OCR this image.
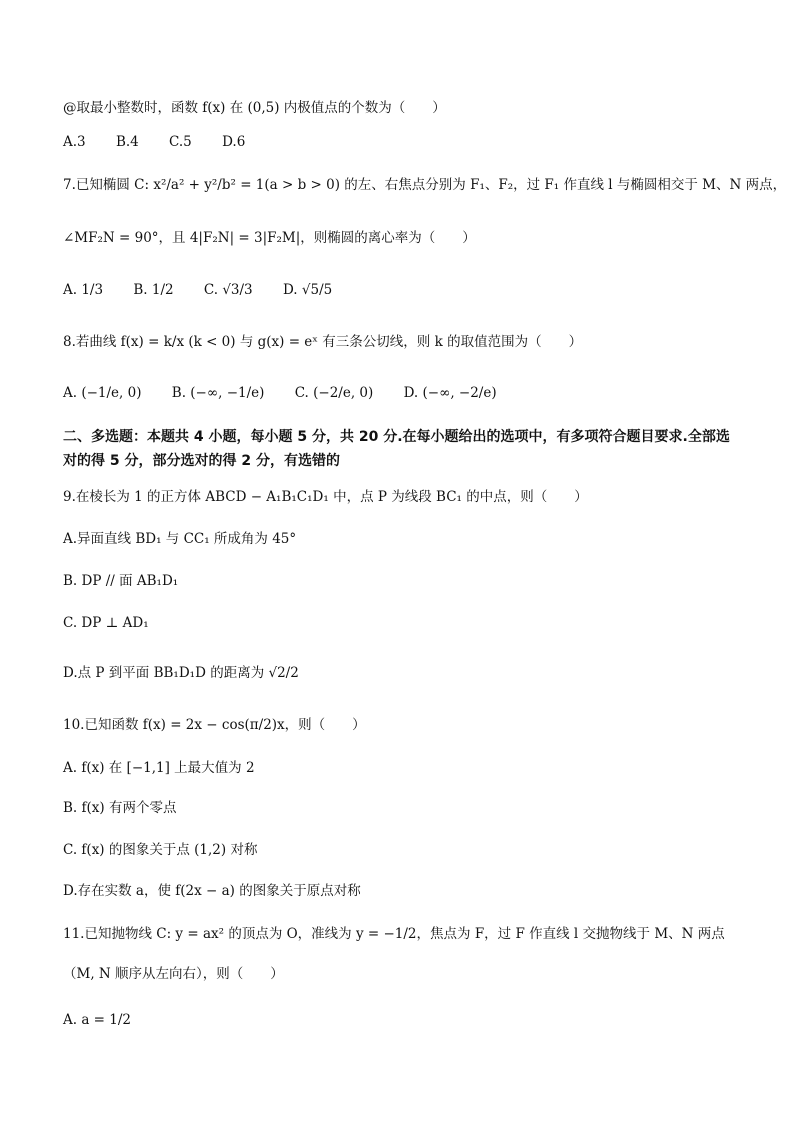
@取最小整数时，函数 f(x) 在 (0,5) 内极值点的个数为（　　）
A.3 B.4 C.5 D.6
7.已知椭圆 C: x²/a² + y²/b² = 1(a > b > 0) 的左、右焦点分别为 F₁、F₂，过 F₁ 作直线 l 与椭圆相交于 M、N 两点，
∠MF₂N = 90°，且 4|F₂N| = 3|F₂M|，则椭圆的离心率为（　　）
A. 1/3 B. 1/2 C. √3/3 D. √5/5
8.若曲线 f(x) = k/x (k < 0) 与 g(x) = eˣ 有三条公切线，则 k 的取值范围为（　　）
A. (−1/e, 0) B. (−∞, −1/e) C. (−2/e, 0) D. (−∞, −2/e)
二、多选题：本题共 4 小题，每小题 5 分，共 20 分.在每小题给出的选项中，有多项符合题目要求.全部选对的得 5 分，部分选对的得 2 分，有选错的
9.在棱长为 1 的正方体 ABCD − A₁B₁C₁D₁ 中，点 P 为线段 BC₁ 的中点，则（　　）
A.异面直线 BD₁ 与 CC₁ 所成角为 45°
B. DP // 面 AB₁D₁
C. DP ⊥ AD₁
D.点 P 到平面 BB₁D₁D 的距离为 √2/2
10.已知函数 f(x) = 2x − cos(π/2)x，则（　　）
A. f(x) 在 [−1,1] 上最大值为 2
B. f(x) 有两个零点
C. f(x) 的图象关于点 (1,2) 对称
D.存在实数 a，使 f(2x − a) 的图象关于原点对称
11.已知抛物线 C: y = ax² 的顶点为 O，准线为 y = −1/2，焦点为 F，过 F 作直线 l 交抛物线于 M、N 两点
（M, N 顺序从左向右），则（　　）
A. a = 1/2
